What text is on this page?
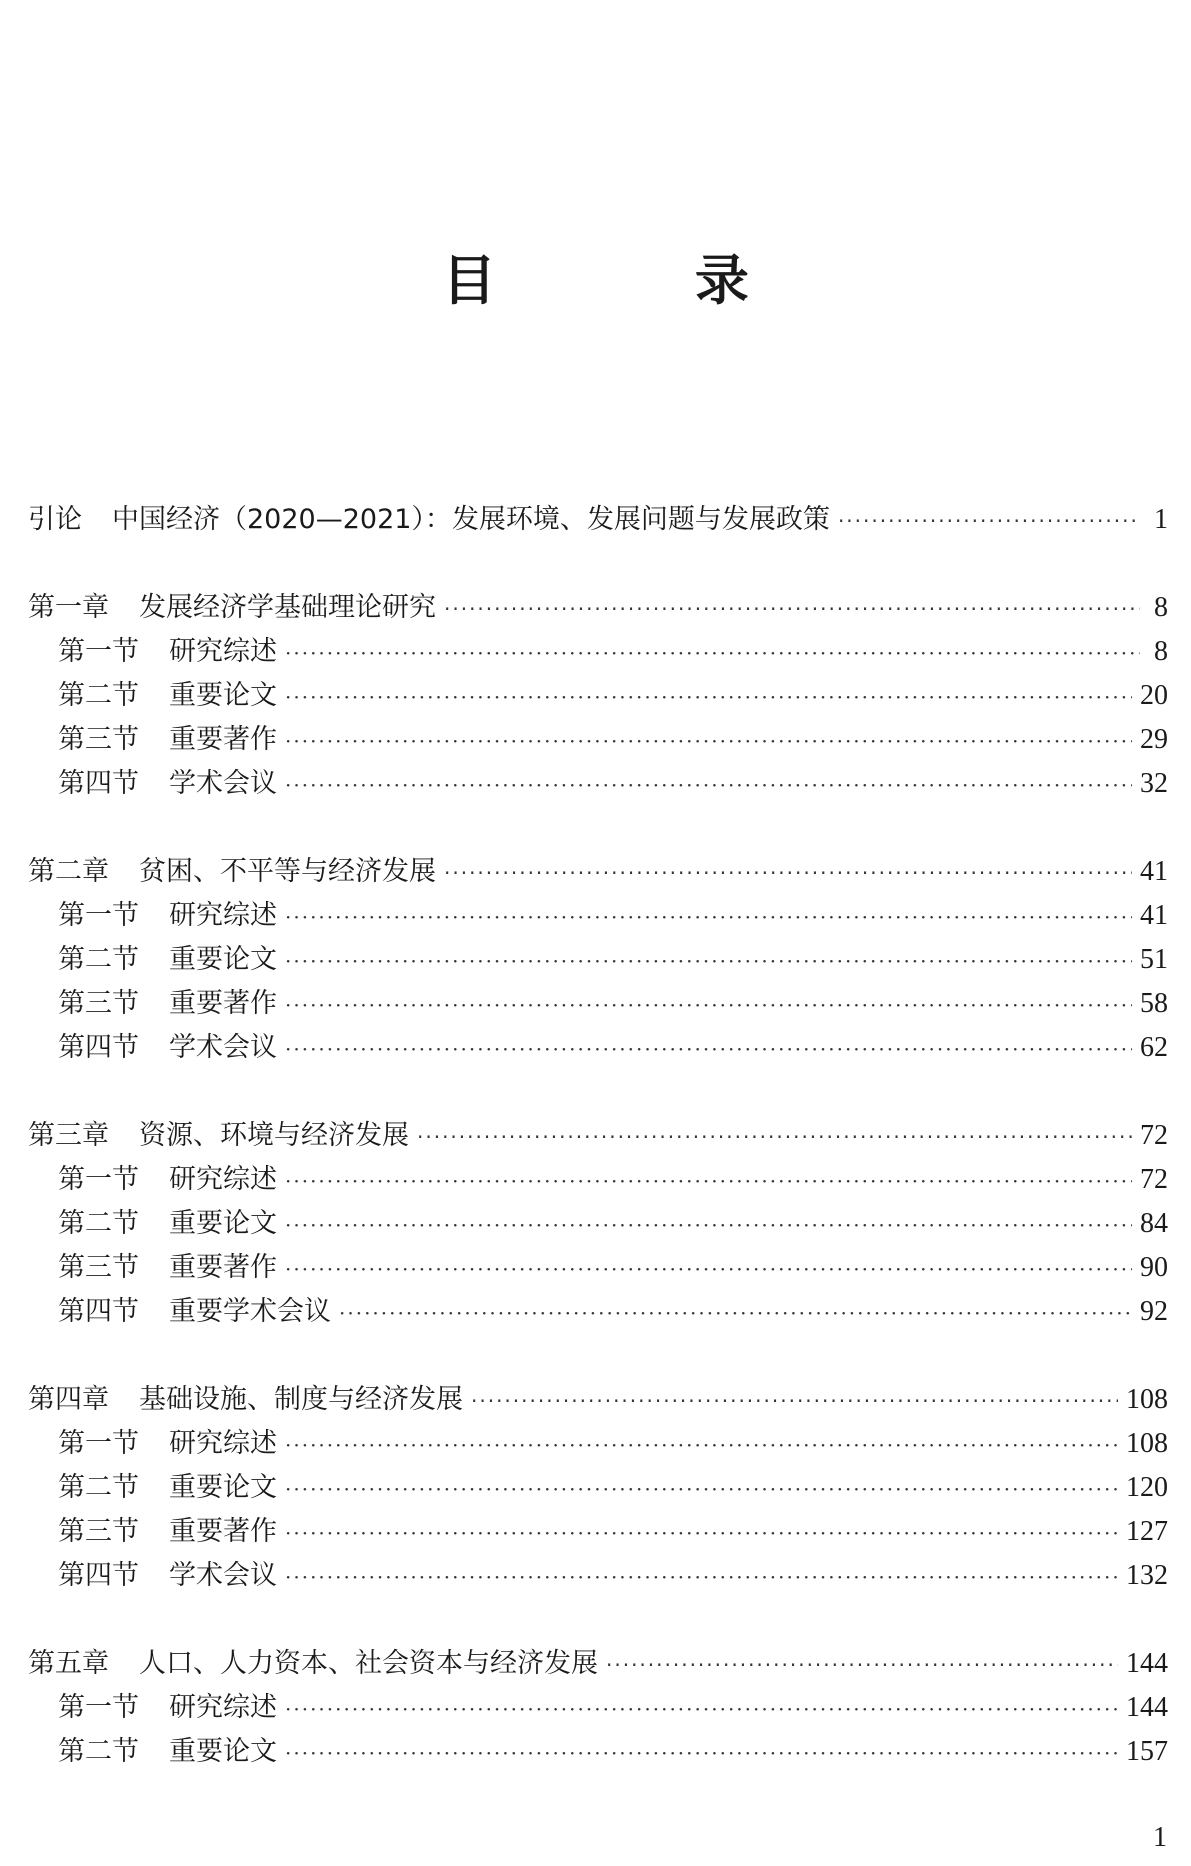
目 录
引论 中国经济（2020—2021）：发展环境、发展问题与发展政策 ·····	1
第一章 发展经济学基础理论研究 ·····	8
第一节 研究综述 ·····	8
第二节 重要论文 ·····	20
第三节 重要著作 ·····	29
第四节 学术会议 ·····	32
第二章 贫困、不平等与经济发展 ·····	41
第一节 研究综述 ·····	41
第二节 重要论文 ·····	51
第三节 重要著作 ·····	58
第四节 学术会议 ·····	62
第三章 资源、环境与经济发展 ·····	72
第一节 研究综述 ·····	72
第二节 重要论文 ·····	84
第三节 重要著作 ·····	90
第四节 重要学术会议 ·····	92
第四章 基础设施、制度与经济发展 ·····	108
第一节 研究综述 ·····	108
第二节 重要论文 ·····	120
第三节 重要著作 ·····	127
第四节 学术会议 ·····	132
第五章 人口、人力资本、社会资本与经济发展 ·····	144
第一节 研究综述 ·····	144
第二节 重要论文 ·····	157
1
